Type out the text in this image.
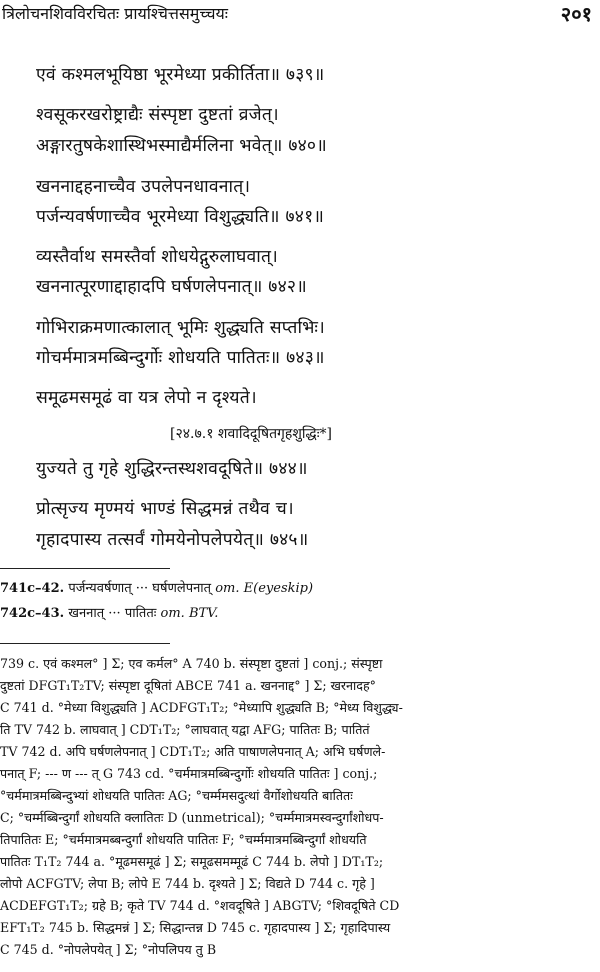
त्रिलोचनशिवविरचितः प्रायश्चित्तसमुच्चयः	२०१
एवं कश्मलभूयिष्ठा भूरमेध्या प्रकीर्तिता॥ ७३९॥
श्वसूकरखरोष्ट्राद्यैः संस्पृष्टा दुष्टतां व्रजेत्।
अङ्गारतुषकेशास्थिभस्माद्यैर्मलिना भवेत्॥ ७४०॥
खननाद्दहनाच्चैव उपलेपनधावनात्।
पर्जन्यवर्षणाच्चैव भूरमेध्या विशुद्ध्यति॥ ७४१॥
व्यस्तैर्वाथ समस्तैर्वा शोधयेद्गुरुलाघवात्।
खननात्पूरणाद्दाहादपि घर्षणलेपनात्॥ ७४२॥
गोभिराक्रमणात्कालात् भूमिः शुद्ध्यति सप्तभिः।
गोचर्ममात्रमब्बिन्दुर्गोः शोधयति पातितः॥ ७४३॥
समूढमसमूढं वा यत्र लेपो न दृश्यते।
[२४.७.१ शवादिदूषितगृहशुद्धिः*]
युज्यते तु गृहे शुद्धिरन्तस्थशवदूषिते॥ ७४४॥
प्रोत्सृज्य मृण्मयं भाण्डं सिद्धमन्नं तथैव च।
गृहादपास्य तत्सर्वं गोमयेनोपलेपयेत्॥ ७४५॥
741c–42. पर्जन्यवर्षणात् ··· घर्षणलेपनात् om. E(eyeskip)
742c–43. खननात् ··· पातितः om. BTV.
739 c. एवं कश्मल° ] Σ; एव कर्मल° A 740 b. संस्पृष्टा दुष्टतां ] conj.; संस्पृष्टा
दुष्टतां DFGT₁T₂TV; संस्पृष्टा दूषितां ABCE 741 a. खननाद्द° ] Σ; खरनादह°
C 741 d. °मेध्या विशुद्ध्यति ] ACDFGT₁T₂; °मेध्यापि शुद्ध्यति B; °मेध्य विशुद्ध्य-
ति TV 742 b. लाघवात् ] CDT₁T₂; °लाघवात् यद्वा AFG; पातितः B; पातितं
TV 742 d. अपि घर्षणलेपनात् ] CDT₁T₂; अति पाषाणलेपनात् A; अभि घर्षणले-
पनात् F; --- ण --- त् G 743 cd. °चर्ममात्रमब्बिन्दुर्गोः शोधयति पातितः ] conj.;
°चर्ममात्रमब्बिन्दुभ्यां शोधयति पातितः AG; °चर्म्ममसदुत्थां वैर्गोशोधयति बातितः
C; °चर्म्मब्बिन्दुर्गां शोधयति क्लातितः D (unmetrical); °चर्म्ममात्रमस्वन्दुर्गांशोधप-
तिपातितः E; °चर्ममात्रमब्बन्दुर्गां शोधयति पातितः F; °चर्म्ममात्रमब्बिन्दुर्गां शोधयति
पातितः T₁T₂ 744 a. °मूढमसमूढं ] Σ; समूढसमम्मूढं C 744 b. लेपो ] DT₁T₂;
लोपो ACFGTV; लेपा B; लोपे E 744 b. दृश्यते ] Σ; विद्यते D 744 c. गृहे ]
ACDEFGT₁T₂; ग्रहे B; कृते TV 744 d. °शवदूषिते ] ABGTV; °शिवदूषिते CD
EFT₁T₂ 745 b. सिद्धमन्नं ] Σ; सिद्धान्तन्न D 745 c. गृहादपास्य ] Σ; गृहादिपास्य
C 745 d. °नोपलेपयेत् ] Σ; °नोपलिपय तु B
